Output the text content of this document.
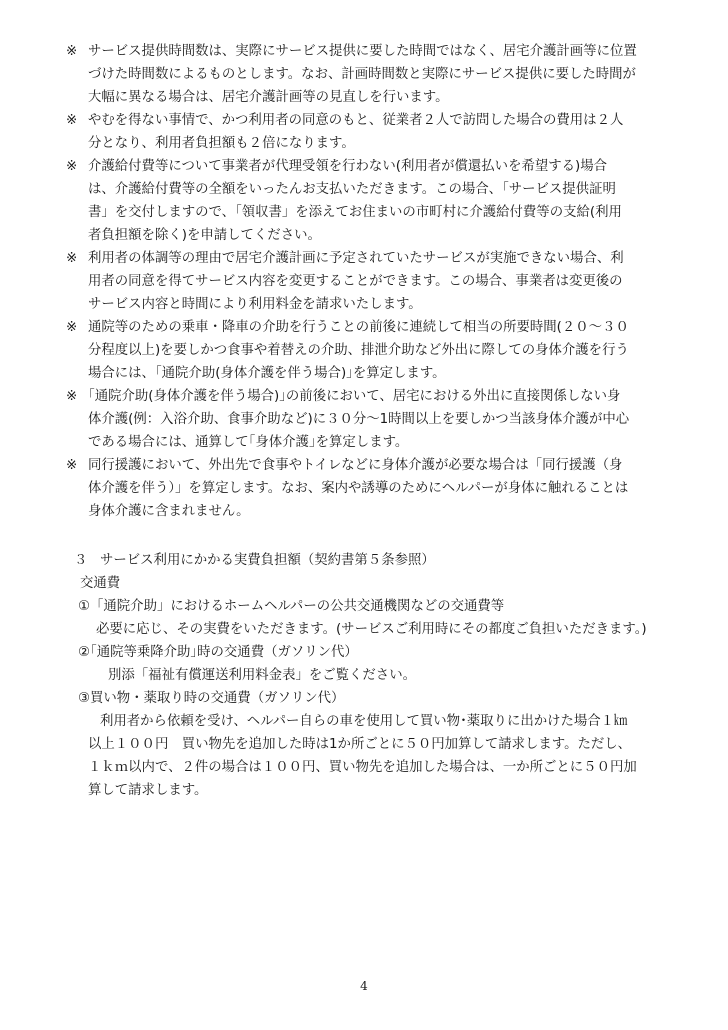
※ サービス提供時間数は、実際にサービス提供に要した時間ではなく、居宅介護計画等に位置
づけた時間数によるものとします。なお、計画時間数と実際にサービス提供に要した時間が
大幅に異なる場合は、居宅介護計画等の見直しを行います。
※ やむを得ない事情で、かつ利用者の同意のもと、従業者２人で訪問した場合の費用は２人
分となり、利用者負担額も２倍になります。
※ 介護給付費等について事業者が代理受領を行わない(利用者が償還払いを希望する)場合
は、介護給付費等の全額をいったんお支払いただきます。この場合、「サービス提供証明
書」を交付しますので、「領収書」を添えてお住まいの市町村に介護給付費等の支給(利用
者負担額を除く)を申請してください。
※ 利用者の体調等の理由で居宅介護計画に予定されていたサービスが実施できない場合、利
用者の同意を得てサービス内容を変更することができます。この場合、事業者は変更後の
サービス内容と時間により利用料金を請求いたします。
※ 通院等のための乗車・降車の介助を行うことの前後に連続して相当の所要時間(２０～３０
分程度以上)を要しかつ食事や着替えの介助、排泄介助など外出に際しての身体介護を行う
場合には、｢通院介助(身体介護を伴う場合)｣を算定します。
※ ｢通院介助(身体介護を伴う場合)｣の前後において、居宅における外出に直接関係しない身
体介護(例：入浴介助、食事介助など)に３０分～1時間以上を要しかつ当該身体介護が中心
である場合には、通算して｢身体介護｣を算定します。
※ 同行援護において、外出先で食事やトイレなどに身体介護が必要な場合は「同行援護（身
体介護を伴う）」を算定します。なお、案内や誘導のためにヘルパーが身体に触れることは
身体介護に含まれません。
３ サービス利用にかかる実費負担額（契約書第５条参照）
交通費
①「通院介助」におけるホームヘルパーの公共交通機関などの交通費等
必要に応じ、その実費をいただきます。(サービスご利用時にその都度ご負担いただきます。)
②｢通院等乗降介助｣時の交通費（ガソリン代）
別添「福祉有償運送利用料金表」をご覧ください。
③買い物・薬取り時の交通費（ガソリン代）
利用者から依頼を受け、ヘルパー自らの車を使用して買い物･薬取りに出かけた場合１㎞
以上１００円　買い物先を追加した時は1か所ごとに５０円加算して請求します。ただし、
１ｋｍ以内で、２件の場合は１００円、買い物先を追加した場合は、一か所ごとに５０円加
算して請求します。
4
